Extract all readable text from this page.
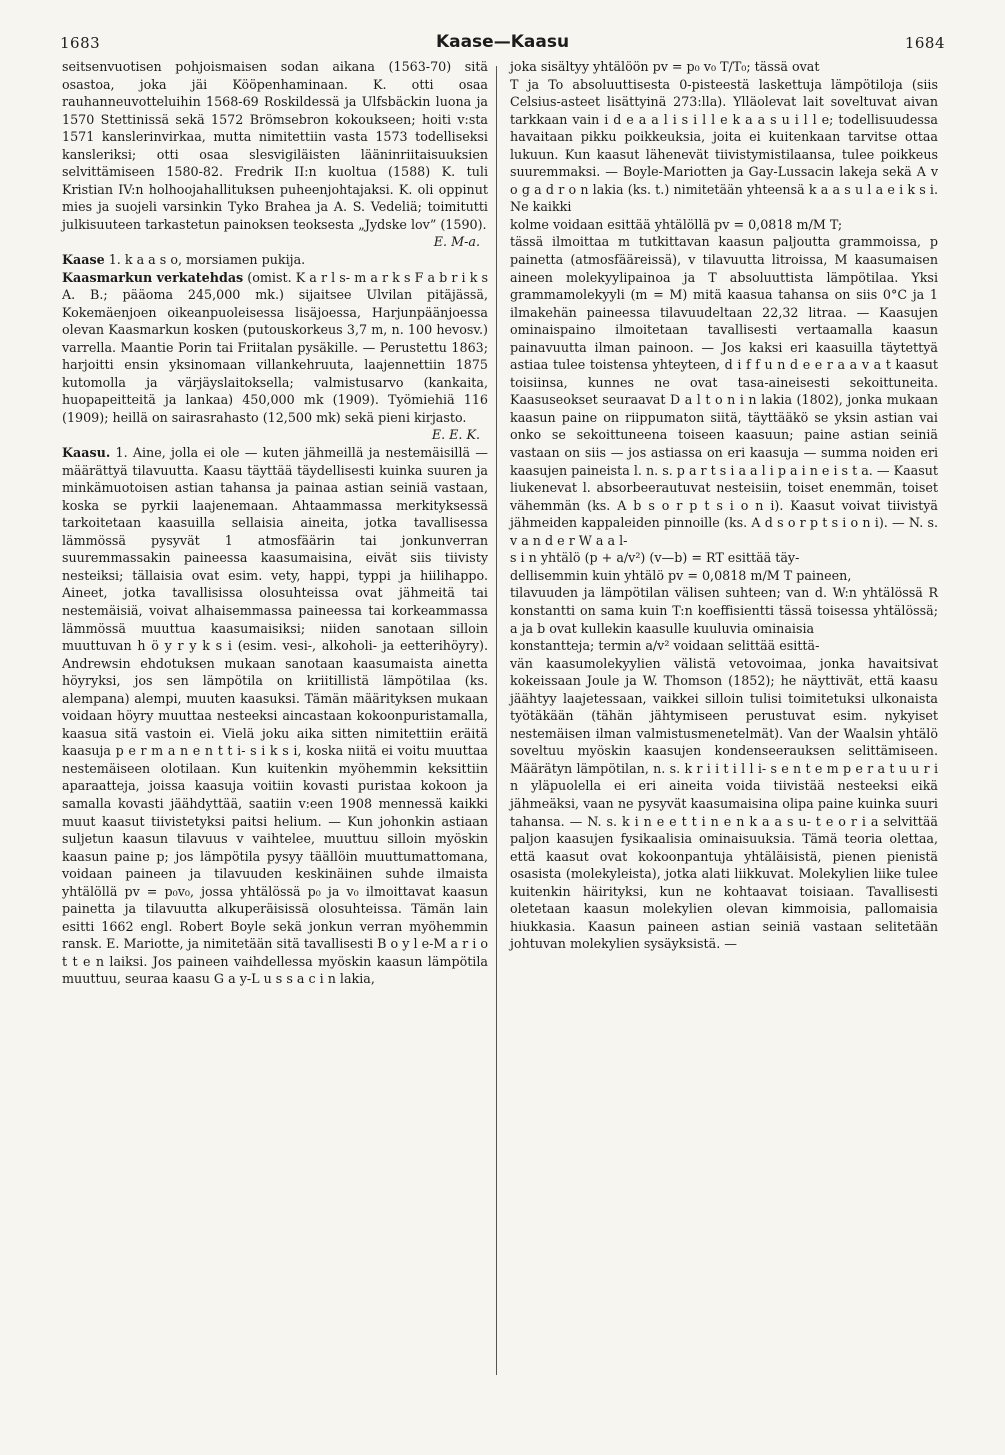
1683	Kaase—Kaasu	1684

seitsenvuotisen pohjoismaisen sodan aikana (1563-70) sitä osastoa, joka jäi Kööpenhaminaan. K. otti osaa rauhanneuvotteluihin 1568-69 Roskildessä ja Ulfsbäckin luona ja 1570 Stettinissä sekä 1572 Brömsebron kokoukseen; hoiti v:sta 1571 kanslerinvirkaa, mutta nimitettiin vasta 1573 todelliseksi kansleriksi; otti osaa slesvigiläisten lääninriitaisuuksien selvittämiseen 1580-82. Fredrik II:n kuoltua (1588) K. tuli Kristian IV:n holhoojahallituksen puheenjohtajaksi. K. oli oppinut mies ja suojeli varsinkin Tyko Brahea ja A. S. Vedeliä; toimitutti julkisuuteen tarkastetun painoksen teoksesta „Jydske lov” (1590).

E. M-a.

Kaase 1. k a a s o, morsiamen pukija.

Kaasmarkun verkatehdas (omist. K a r l s- m a r k s F a b r i k s A. B.; pääoma 245,000 mk.) sijaitsee Ulvilan pitäjässä, Kokemäenjoen oikeanpuoleisessa lisäjoessa, Harjunpäänjoessa olevan Kaasmarkun kosken (putouskorkeus 3,7 m, n. 100 hevosv.) varrella. Maantie Porin tai Friitalan pysäkille. — Perustettu 1863; harjoitti ensin yksinomaan villankehruuta, laajennettiin 1875 kutomolla ja värjäyslaitoksella; valmistusarvo (kankaita, huopapeitteitä ja lankaa) 450,000 mk (1909). Työmiehiä 116 (1909); heillä on sairasrahasto (12,500 mk) sekä pieni kirjasto.

E. E. K.

Kaasu. 1. Aine, jolla ei ole — kuten jähmeillä ja nestemäisillä — määrättyä tilavuutta. Kaasu täyttää täydellisesti kuinka suuren ja minkämuotoisen astian tahansa ja painaa astian seiniä vastaan, koska se pyrkii laajenemaan. Ahtaammassa merkityksessä tarkoitetaan kaasuilla sellaisia aineita, jotka tavallisessa lämmössä pysyvät 1 atmosfäärin tai jonkunverran suuremmassakin paineessa kaasumaisina, eivät siis tiivisty nesteiksi; tällaisia ovat esim. vety, happi, typpi ja hiilihappo. Aineet, jotka tavallisissa olosuhteissa ovat jähmeitä tai nestemäisiä, voivat alhaisemmassa paineessa tai korkeammassa lämmössä muuttua kaasumaisiksi; niiden sanotaan silloin muuttuvan h ö y r y k s i (esim. vesi-, alkoholi- ja eetterihöyry). Andrewsin ehdotuksen mukaan sanotaan kaasumaista ainetta höyryksi, jos sen lämpötila on kriitillistä lämpötilaa (ks. alempana) alempi, muuten kaasuksi. Tämän määrityksen mukaan voidaan höyry muuttaa nesteeksi aincastaan kokoonpuristamalla, kaasua sitä vastoin ei. Vielä joku aika sitten nimitettiin eräitä kaasuja p e r m a n e n t t i- s i k s i, koska niitä ei voitu muuttaa nestemäiseen olotilaan. Kun kuitenkin myöhemmin keksittiin aparaatteja, joissa kaasuja voitiin kovasti puristaa kokoon ja samalla kovasti jäähdyttää, saatiin v:een 1908 mennessä kaikki muut kaasut tiivistetyksi paitsi helium. — Kun johonkin astiaan suljetun kaasun tilavuus v vaihtelee, muuttuu silloin myöskin kaasun paine p; jos lämpötila pysyy täällöin muuttumattomana, voidaan paineen ja tilavuuden keskinäinen suhde ilmaista yhtälöllä pv = p₀v₀, jossa yhtälössä p₀ ja v₀ ilmoittavat kaasun painetta ja tilavuutta alkuperäisissä olosuhteissa. Tämän lain esitti 1662 engl. Robert Boyle sekä jonkun verran myöhemmin ransk. E. Mariotte, ja nimitetään sitä tavallisesti B o y l e-M a r i o t t e n laiksi. Jos paineen vaihdellessa myöskin kaasun lämpötila muuttuu, seuraa kaasu G a y-L u s s a c i n lakia,

joka sisältyy yhtälöön pv = p₀ v₀ T/T₀; tässä ovat

T ja To absoluuttisesta 0-pisteestä laskettuja lämpötiloja (siis Celsius-asteet lisättyinä 273:lla). Ylläolevat lait soveltuvat aivan tarkkaan vain i d e a a l i s i l l e k a a s u i l l e; todellisuudessa havaitaan pikku poikkeuksia, joita ei kuitenkaan tarvitse ottaa lukuun. Kun kaasut lähenevät tiivistymistilaansa, tulee poikkeus suuremmaksi. — Boyle-Mariotten ja Gay-Lussacin lakeja sekä A v o g a d r o n lakia (ks. t.) nimitetään yhteensä k a a s u l a e i k s i. Ne kaikki

kolme voidaan esittää yhtälöllä pv = 0,0818 m/M T;

tässä ilmoittaa m tutkittavan kaasun paljoutta grammoissa, p painetta (atmosfääreissä), v tilavuutta litroissa, M kaasumaisen aineen molekyylipainoa ja T absoluuttista lämpötilaa. Yksi grammamolekyyli (m = M) mitä kaasua tahansa on siis 0°C ja 1 ilmakehän paineessa tilavuudeltaan 22,32 litraa. — Kaasujen ominaispaino ilmoitetaan tavallisesti vertaamalla kaasun painavuutta ilman painoon. — Jos kaksi eri kaasuilla täytettyä astiaa tulee toistensa yhteyteen, d i f f u n d e e r a a v a t kaasut toisiinsa, kunnes ne ovat tasa-aineisesti sekoittuneita. Kaasuseokset seuraavat D a l t o n i n lakia (1802), jonka mukaan kaasun paine on riippumaton siitä, täyttääkö se yksin astian vai onko se sekoittuneena toiseen kaasuun; paine astian seiniä vastaan on siis — jos astiassa on eri kaasuja — summa noiden eri kaasujen paineista l. n. s. p a r t s i a a l i p a i n e i s t a. — Kaasut liukenevat l. absorbeerautuvat nesteisiin, toiset enemmän, toiset vähemmän (ks. A b s o r p t s i o n i). Kaasut voivat tiivistyä jähmeiden kappaleiden pinnoille (ks. A d s o r p t s i o n i). — N. s. v a n d e r W a a l-

s i n yhtälö (p + a/v²) (v—b) = RT esittää täy-

dellisemmin kuin yhtälö pv = 0,0818 m/M T paineen,

tilavuuden ja lämpötilan välisen suhteen; van d. W:n yhtälössä R konstantti on sama kuin T:n koeffisientti tässä toisessa yhtälössä; a ja b ovat kullekin kaasulle kuuluvia ominaisia

konstantteja; termin a/v² voidaan selittää esittä-

vän kaasumolekyylien välistä vetovoimaa, jonka havaitsivat kokeissaan Joule ja W. Thomson (1852); he näyttivät, että kaasu jäähtyy laajetessaan, vaikkei silloin tulisi toimitetuksi ulkonaista työtäkään (tähän jähtymiseen perustuvat esim. nykyiset nestemäisen ilman valmistusmenetelmät). Van der Waalsin yhtälö soveltuu myöskin kaasujen kondenseerauksen selittämiseen. Määrätyn lämpötilan, n. s. k r i i t i l l i- s e n t e m p e r a t u u r i n yläpuolella ei eri aineita voida tiivistää nesteeksi eikä jähmeäksi, vaan ne pysyvät kaasumaisina olipa paine kuinka suuri tahansa. — N. s. k i n e e t t i n e n k a a s u- t e o r i a selvittää paljon kaasujen fysikaalisia ominaisuuksia. Tämä teoria olettaa, että kaasut ovat kokoonpantuja yhtäläisistä, pienen pienistä osasista (molekyleista), jotka alati liikkuvat. Molekylien liike tulee kuitenkin häirityksi, kun ne kohtaavat toisiaan. Tavallisesti oletetaan kaasun molekylien olevan kimmoisia, pallomaisia hiukkasia. Kaasun paineen astian seiniä vastaan selitetään johtuvan molekylien sysäyksistä. —
